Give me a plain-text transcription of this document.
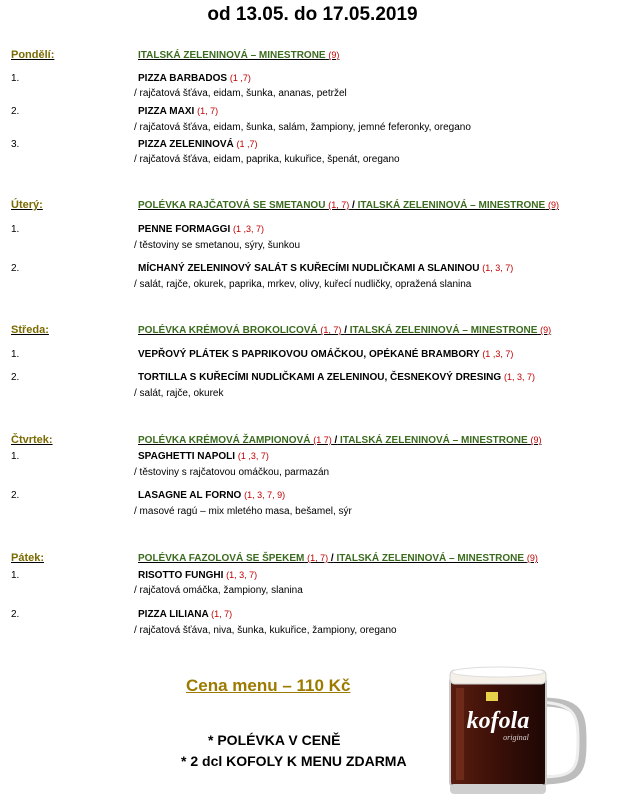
od 13.05. do 17.05.2019
Pondělí:	ITALSKÁ ZELENINOVÁ – MINESTRONE (9)
1.	PIZZA BARBADOS (1 ,7)
/ rajčatová šťáva, eidam, šunka, ananas, petržel
2.	PIZZA MAXI (1, 7)
/ rajčatová šťáva, eidam, šunka, salám, žampiony, jemné feferonky, oregano
3.	PIZZA ZELENINOVÁ (1 ,7)
/ rajčatová šťáva, eidam, paprika, kukuřice, špenát, oregano
Úterý:	POLÉVKA RAJČATOVÁ SE SMETANOU (1, 7) / ITALSKÁ ZELENINOVÁ – MINESTRONE (9)
1.	PENNE FORMAGGI (1 ,3, 7)
/ těstoviny se smetanou, sýry, šunkou
2.	MÍCHANÝ ZELENINOVÝ SALÁT S KUŘECÍMI NUDLIČKAMI A SLANINOU (1, 3, 7)
/ salát, rajče, okurek, paprika, mrkev, olivy, kuřecí nudličky, opražená slanina
Středa:	POLÉVKA KRÉMOVÁ BROKOLICOVÁ (1, 7) / ITALSKÁ ZELENINOVÁ – MINESTRONE (9)
1.	VEPŘOVÝ PLÁTEK S PAPRIKOVOU OMÁČKOU, OPÉKANÉ BRAMBORY (1 ,3, 7)
2.	TORTILLA S KUŘECÍMI NUDLIČKAMI A ZELENINOU, ČESNEKOVÝ DRESING (1, 3, 7)
/ salát, rajče, okurek
Čtvrtek:	POLÉVKA KRÉMOVÁ ŽAMPIONOVÁ (1 7) / ITALSKÁ ZELENINOVÁ – MINESTRONE (9)
1.	SPAGHETTI NAPOLI (1 ,3, 7)
/ těstoviny s rajčatovou omáčkou, parmazán
2.	LASAGNE AL FORNO (1, 3, 7, 9)
/ masové ragú – mix mletého masa, bešamel, sýr
Pátek:	POLÉVKA FAZOLOVÁ SE ŠPEKEM (1, 7) / ITALSKÁ ZELENINOVÁ – MINESTRONE (9)
1.	RISOTTO FUNGHI (1, 3, 7)
/ rajčatová omáčka, žampiony, slanina
2.	PIZZA LILIANA (1, 7)
/ rajčatová šťáva, niva, šunka, kukuřice, žampiony, oregano
Cena menu – 110 Kč
* POLÉVKA V CENĚ
* 2 dcl KOFOLY K MENU ZDARMA
kofola
original
